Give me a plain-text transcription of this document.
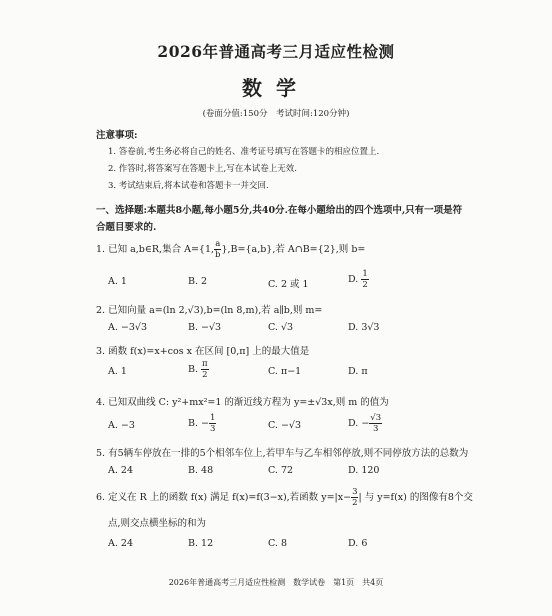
2026年普通高考三月适应性检测
数学
(卷面分值:150分　考试时间:120分钟)
注意事项:
1. 答卷前,考生务必将自己的姓名、准考证号填写在答题卡的相应位置上.
2. 作答时,将答案写在答题卡上,写在本试卷上无效.
3. 考试结束后,将本试卷和答题卡一并交回.
一、选择题:本题共8小题,每小题5分,共40分.在每小题给出的四个选项中,只有一项是符
合题目要求的.
1. 已知 a,b∈R,集合 A={1, $\frac{a}{b} \},B=\{a,b\}$,若 A∩B={2},则 b=
A. 1	B. 2	C. 2 或 1	D. $\frac{1}{2}$
2. 已知向量 a=(ln 2,√3),b=(ln 8,m),若 a∥b,则 m=
A. −3√3	B. −√3	C. √3	D. 3√3
3. 函数 f(x)=x+cos x 在区间 [0,π] 上的最大值是
A. 1	B. $\frac{\pi}{2}$	C. π−1	D. π
4. 已知双曲线 C: y²+mx²=1 的渐近线方程为 y=±√3x,则 m 的值为
A. −3	B. − $\frac{1}{3}$	C. −√3	D. − $\frac{√3}{3}$
5. 有5辆车停放在一排的5个相邻车位上,若甲车与乙车相邻停放,则不同停放方法的总数为
A. 24	B. 48	C. 72	D. 120
6. 定义在 R 上的函数 f(x) 满足 f(x)=f(3−x),若函数 $y=|x- \frac{3}{2}$ | 与 y=f(x) 的图像有8个交
点,则交点横坐标的和为
A. 24	B. 12	C. 8	D. 6
2026年普通高考三月适应性检测　数学试卷　第1页　共4页
